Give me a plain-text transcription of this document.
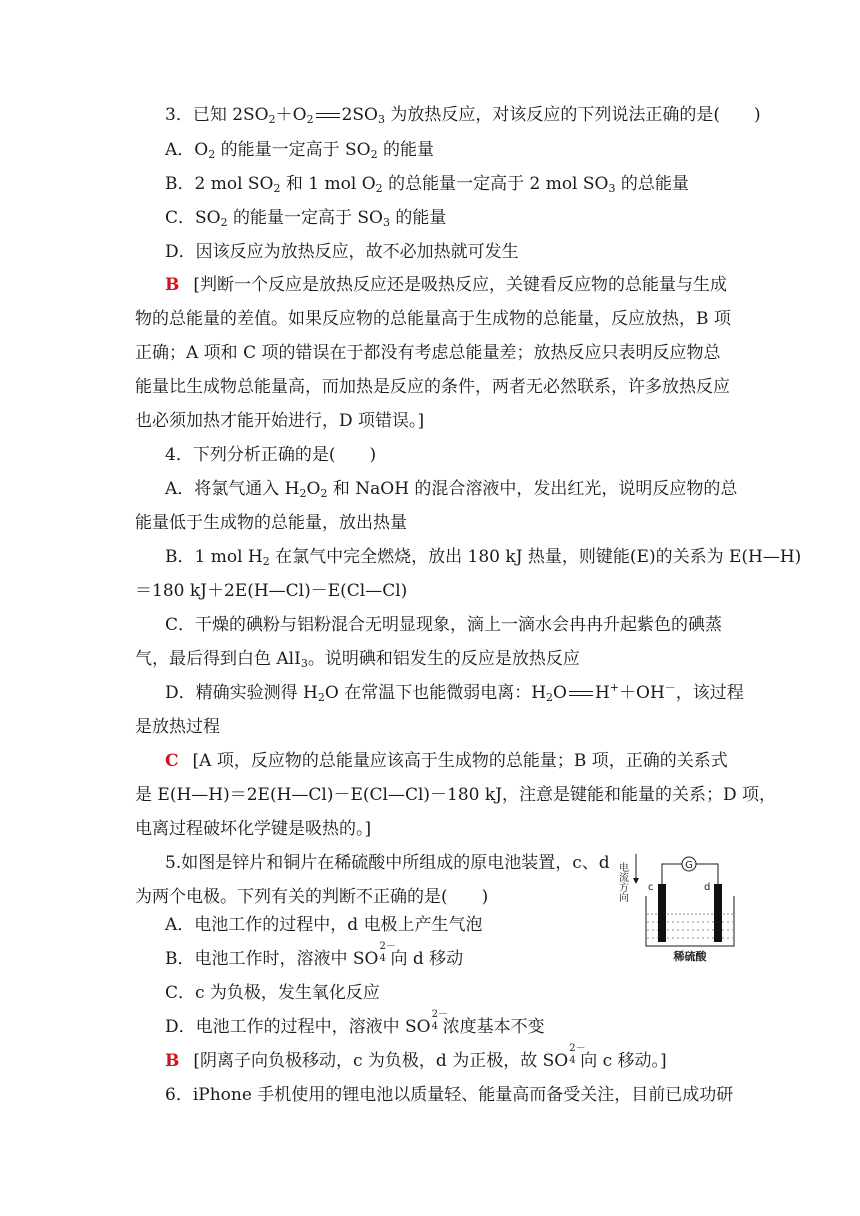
3．已知 $2SO_2+O_2$ $2SO_3$ 为放热反应，对该反应的下列说法正确的是(　　)
A．$O_2$ 的能量一定高于 $SO_2$ 的能量
B．2 mol $SO_2$ 和 1 mol $O_2$ 的总能量一定高于 2 mol $SO_3$ 的总能量
C．$SO_2$ 的能量一定高于 $SO_3$ 的能量
D．因该反应为放热反应，故不必加热就可发生
B [判断一个反应是放热反应还是吸热反应，关键看反应物的总能量与生成
物的总能量的差值。如果反应物的总能量高于生成物的总能量，反应放热，B 项
正确；A 项和 C 项的错误在于都没有考虑总能量差；放热反应只表明反应物总
能量比生成物总能量高，而加热是反应的条件，两者无必然联系，许多放热反应
也必须加热才能开始进行，D 项错误。]
4．下列分析正确的是(　　)
A．将氯气通入 $H_2O_2$ 和 NaOH 的混合溶液中，发出红光，说明反应物的总
能量低于生成物的总能量，放出热量
B．1 mol $H_2$ 在氯气中完全燃烧，放出 180 kJ 热量，则键能(E)的关系为 E(H—H)
＝180 kJ＋2E(H—Cl)－E(Cl—Cl)
C．干燥的碘粉与铝粉混合无明显现象，滴上一滴水会冉冉升起紫色的碘蒸
气，最后得到白色 AlI$_3$。说明碘和铝发生的反应是放热反应
D．精确实验测得 $H_2O$ 在常温下也能微弱电离：$H_2O$ H+＋OH－，该过程
是放热过程
C [A 项，反应物的总能量应该高于生成物的总能量；B 项，正确的关系式
是 E(H—H)＝2E(H—Cl)－E(Cl—Cl)－180 kJ，注意是键能和能量的关系；D 项，
电离过程破坏化学键是吸热的。]
5.如图是锌片和铜片在稀硫酸中所组成的原电池装置，c、d
为两个电极。下列有关的判断不正确的是(　　)
A．电池工作的过程中，d 电极上产生气泡
B．电池工作时，溶液中 SO
2－
4 向 d 移动
C．c 为负极，发生氧化反应
D．电池工作的过程中，溶液中 SO
2－
4 浓度基本不变
B [阴离子向负极移动，c 为负极，d 为正极，故 SO
2－
4 向 c 移动。]
6．iPhone 手机使用的锂电池以质量轻、能量高而备受关注，目前已成功研
电流方向	G
c	d
稀硫酸
